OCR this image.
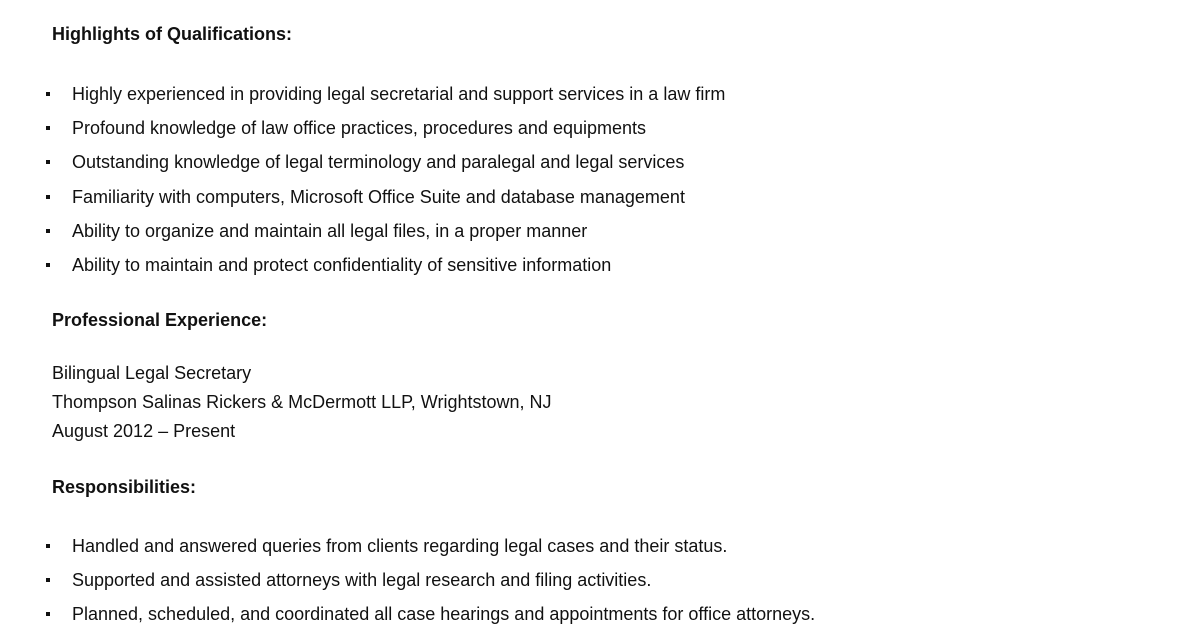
Highlights of Qualifications:
Highly experienced in providing legal secretarial and support services in a law firm
Profound knowledge of law office practices, procedures and equipments
Outstanding knowledge of legal terminology and paralegal and legal services
Familiarity with computers, Microsoft Office Suite and database management
Ability to organize and maintain all legal files, in a proper manner
Ability to maintain and protect confidentiality of sensitive information
Professional Experience:
Bilingual Legal Secretary
Thompson Salinas Rickers & McDermott LLP, Wrightstown, NJ
August 2012 – Present
Responsibilities:
Handled and answered queries from clients regarding legal cases and their status.
Supported and assisted attorneys with legal research and filing activities.
Planned, scheduled, and coordinated all case hearings and appointments for office attorneys.
